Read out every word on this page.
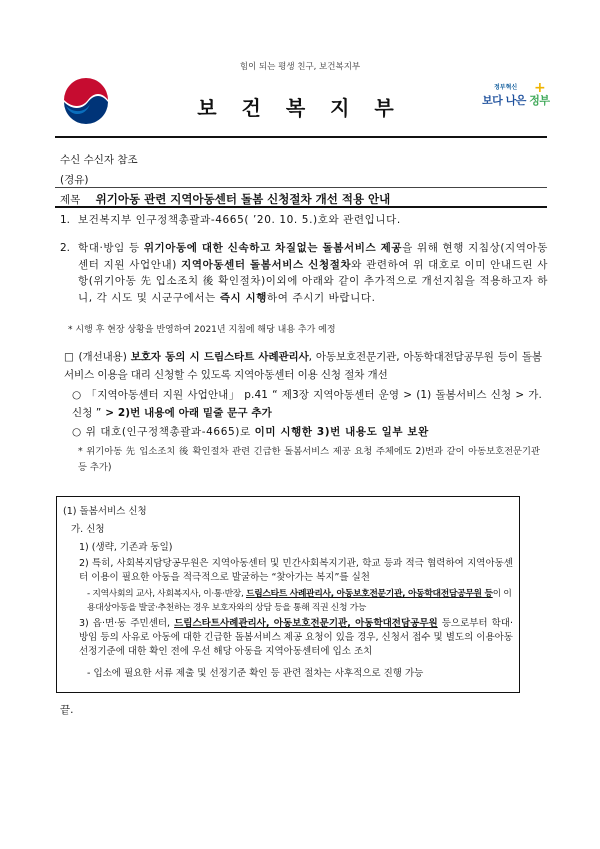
힘이 되는 평생 친구, 보건복지부
보 건 복 지 부
정부혁신
보다 나은 정부
+
수신 수신자 참조
(경유)
제목 위기아동 관련 지역아동센터 돌봄 신청절차 개선 적용 안내
1. 보건복지부 인구정책총괄과-4665( ’20. 10. 5.)호와 관련입니다.
2. 학대·방임 등 위기아동에 대한 신속하고 차질없는 돌봄서비스 제공을 위해 현행 지침상(지역아동센터 지원 사업안내) 지역아동센터 돌봄서비스 신청절차와 관련하여 위 대호로 이미 안내드린 사항(위기아동 先 입소조치 後 확인절차)이외에 아래와 같이 추가적으로 개선지침을 적용하고자 하니, 각 시도 및 시군구에서는 즉시 시행하여 주시기 바랍니다.
* 시행 후 현장 상황을 반영하여 2021년 지침에 해당 내용 추가 예정
□ (개선내용) 보호자 동의 시 드림스타트 사례관리사, 아동보호전문기관, 아동학대전담공무원 등이 돌봄서비스 이용을 대리 신청할 수 있도록 지역아동센터 이용 신청 절차 개선
○ 「지역아동센터 지원 사업안내」 p.41 “ 제3장 지역아동센터 운영 > (1) 돌봄서비스 신청 > 가. 신청 ” > 2)번 내용에 아래 밑줄 문구 추가
○ 위 대호(인구정책총괄과-4665)로 이미 시행한 3)번 내용도 일부 보완
* 위기아동 先 입소조치 後 확인절차 관련 긴급한 돌봄서비스 제공 요청 주체에도 2)번과 같이 아동보호전문기관 등 추가)
(1) 돌봄서비스 신청
가. 신청
1) (생략, 기존과 동일)
2) 특히, 사회복지담당공무원은 지역아동센터 및 민간사회복지기관, 학교 등과 적극 협력하여 지역아동센터 이용이 필요한 아동을 적극적으로 발굴하는 “찾아가는 복지”를 실천
- 지역사회의 교사, 사회복지사, 이·통·반장, 드림스타트 사례관리사, 아동보호전문기관, 아동학대전담공무원 등이 이용대상아동을 발굴·추천하는 경우 보호자와의 상담 등을 통해 직권 신청 가능
3) 읍·면·동 주민센터, 드림스타트사례관리사, 아동보호전문기관, 아동학대전담공무원 등으로부터 학대·방임 등의 사유로 아동에 대한 긴급한 돌봄서비스 제공 요청이 있을 경우, 신청서 접수 및 별도의 이용아동 선정기준에 대한 확인 전에 우선 해당 아동을 지역아동센터에 입소 조치
- 입소에 필요한 서류 제출 및 선정기준 확인 등 관련 절차는 사후적으로 진행 가능
끝.
